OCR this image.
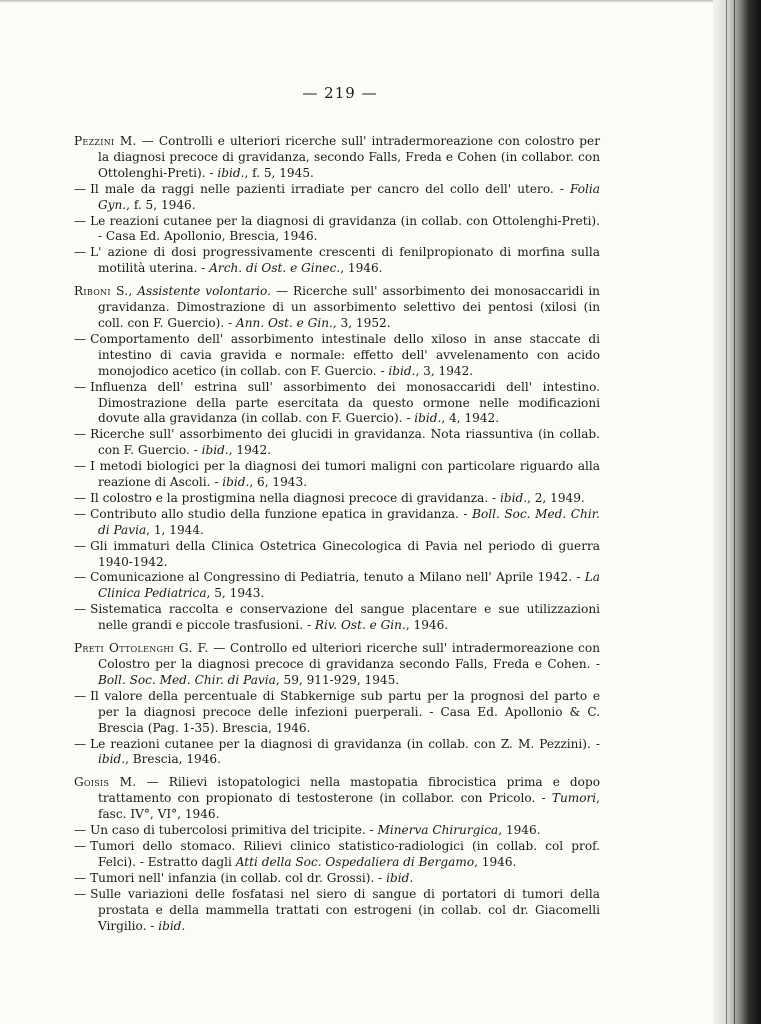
— 219 —

Pezzini M. — Controlli e ulteriori ricerche sull' intradermoreazione con colostro per la diagnosi precoce di gravidanza, secondo Falls, Freda e Cohen (in collabor. con Ottolenghi-Preti). - ibid., f. 5, 1945.

— Il male da raggi nelle pazienti irradiate per cancro del collo dell' utero. - Folia Gyn., f. 5, 1946.

— Le reazioni cutanee per la diagnosi di gravidanza (in collab. con Ottolenghi-Preti). - Casa Ed. Apollonio, Brescia, 1946.

— L' azione di dosi progressivamente crescenti di fenilpropionato di morfina sulla motilità uterina. - Arch. di Ost. e Ginec., 1946.

Riboni S., Assistente volontario. — Ricerche sull' assorbimento dei monosaccaridi in gravidanza. Dimostrazione di un assorbimento selettivo dei pentosi (xilosi (in coll. con F. Guercio). - Ann. Ost. e Gin., 3, 1952.

— Comportamento dell' assorbimento intestinale dello xiloso in anse staccate di intestino di cavia gravida e normale: effetto dell' avvelenamento con acido monojodico acetico (in collab. con F. Guercio. - ibid., 3, 1942.

— Influenza dell' estrina sull' assorbimento dei monosaccaridi dell' intestino. Dimostrazione della parte esercitata da questo ormone nelle modificazioni dovute alla gravidanza (in collab. con F. Guercio). - ibid., 4, 1942.

— Ricerche sull' assorbimento dei glucidi in gravidanza. Nota riassuntiva (in collab. con F. Guercio. - ibid., 1942.

— I metodi biologici per la diagnosi dei tumori maligni con particolare riguardo alla reazione di Ascoli. - ibid., 6, 1943.

— Il colostro e la prostigmina nella diagnosi precoce di gravidanza. - ibid., 2, 1949.

— Contributo allo studio della funzione epatica in gravidanza. - Boll. Soc. Med. Chir. di Pavia, 1, 1944.

— Gli immaturi della Clinica Ostetrica Ginecologica di Pavia nel periodo di guerra 1940-1942.

— Comunicazione al Congressino di Pediatria, tenuto a Milano nell' Aprile 1942. - La Clinica Pediatrica, 5, 1943.

— Sistematica raccolta e conservazione del sangue placentare e sue utilizzazioni nelle grandi e piccole trasfusioni. - Riv. Ost. e Gin., 1946.

Preti Ottolenghi G. F. — Controllo ed ulteriori ricerche sull' intradermoreazione con Colostro per la diagnosi precoce di gravidanza secondo Falls, Freda e Cohen. - Boll. Soc. Med. Chir. di Pavia, 59, 911-929, 1945.

— Il valore della percentuale di Stabkernige sub partu per la prognosi del parto e per la diagnosi precoce delle infezioni puerperali. - Casa Ed. Apollonio & C. Brescia (Pag. 1-35). Brescia, 1946.

— Le reazioni cutanee per la diagnosi di gravidanza (in collab. con Z. M. Pezzini). - ibid., Brescia, 1946.

Goisis M. — Rilievi istopatologici nella mastopatia fibrocistica prima e dopo trattamento con propionato di testosterone (in collabor. con Pricolo. - Tumori, fasc. IV°, VI°, 1946.

— Un caso di tubercolosi primitiva del tricipite. - Minerva Chirurgica, 1946.

— Tumori dello stomaco. Rilievi clinico statistico-radiologici (in collab. col prof. Felci). - Estratto dagli Atti della Soc. Ospedaliera di Bergamo, 1946.

— Tumori nell' infanzia (in collab. col dr. Grossi). - ibid.

— Sulle variazioni delle fosfatasi nel siero di sangue di portatori di tumori della prostata e della mammella trattati con estrogeni (in collab. col dr. Giacomelli Virgilio. - ibid.
